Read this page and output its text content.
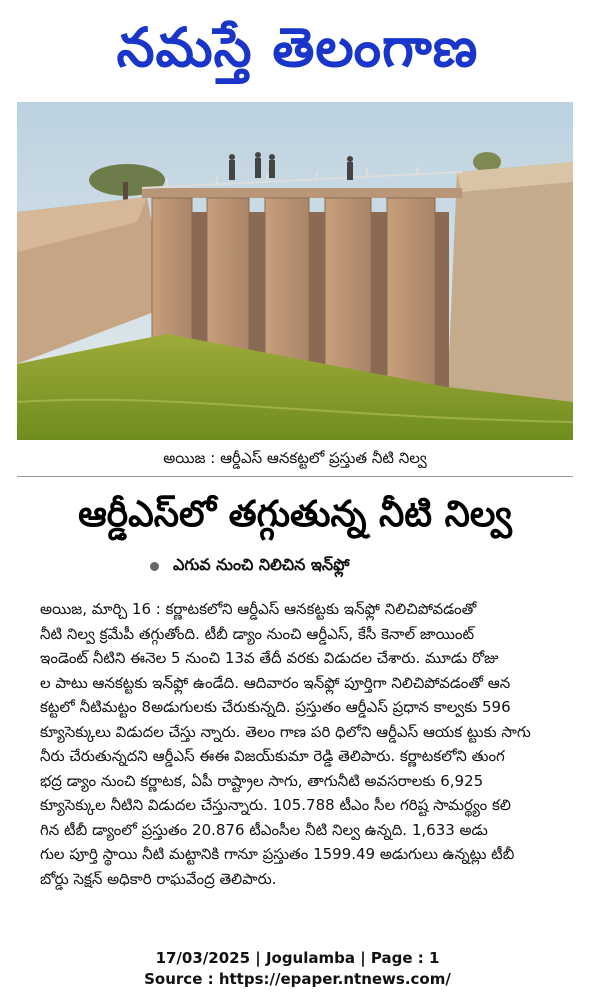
నమస్తే తెలంగాణ
అయిజ : ఆర్డీఎస్ ఆనకట్టలో ప్రస్తుత నీటి నిల్వ
ఆర్డీఎస్‌లో తగ్గుతున్న నీటి నిల్వ
ఎగువ నుంచి నిలిచిన ఇన్‌ఫ్లో
అయిజ, మార్చి 16 : కర్ణాటకలోని ఆర్డీఎస్ ఆనకట్టకు ఇన్‌ఫ్లో నిలిచిపోవడంతో
నీటి నిల్వ క్రమేపీ తగ్గుతోంది. టీబీ డ్యాం నుంచి ఆర్డీఎస్, కేసీ కెనాల్ జాయింట్
ఇండెంట్ నీటిని ఈనెల 5 నుంచి 13వ తేదీ వరకు విడుదల చేశారు. మూడు రోజు
ల పాటు ఆనకట్టకు ఇన్‌ఫ్లో ఉండేది. ఆదివారం ఇన్‌ఫ్లో పూర్తిగా నిలిచిపోవడంతో ఆన
కట్టలో నీటిమట్టం 8అడుగులకు చేరుకున్నది. ప్రస్తుతం ఆర్డీఎస్ ప్రధాన కాల్వకు 596
క్యూసెక్కులు విడుదల చేస్తు న్నారు. తెలం గాణ పరి ధిలోని ఆర్డీఎస్ ఆయక ట్టుకు సాగు
నీరు చేరుతున్నదని ఆర్డీఎస్ ఈఈ విజయ్‌కుమా రెడ్డి తెలిపారు. కర్ణాటకలోని తుంగ
భద్ర డ్యాం నుంచి కర్ణాటక, ఏపీ రాష్ట్రాల సాగు, తాగునీటి అవసరాలకు 6,925
క్యూసెక్కుల నీటిని విడుదల చేస్తున్నారు. 105.788 టీఎం సీల గరిష్ట సామర్థ్యం కలి
గిన టీబీ డ్యాంలో ప్రస్తుతం 20.876 టీఎంసీల నీటి నిల్వ ఉన్నది. 1,633 అడు
గుల పూర్తి స్థాయి నీటి మట్టానికి గానూ ప్రస్తుతం 1599.49 అడుగులు ఉన్నట్లు టీబీ
బోర్డు సెక్షన్ అధికారి రాఘవేంద్ర తెలిపారు.
17/03/2025 | Jogulamba | Page : 1
Source : https://epaper.ntnews.com/
